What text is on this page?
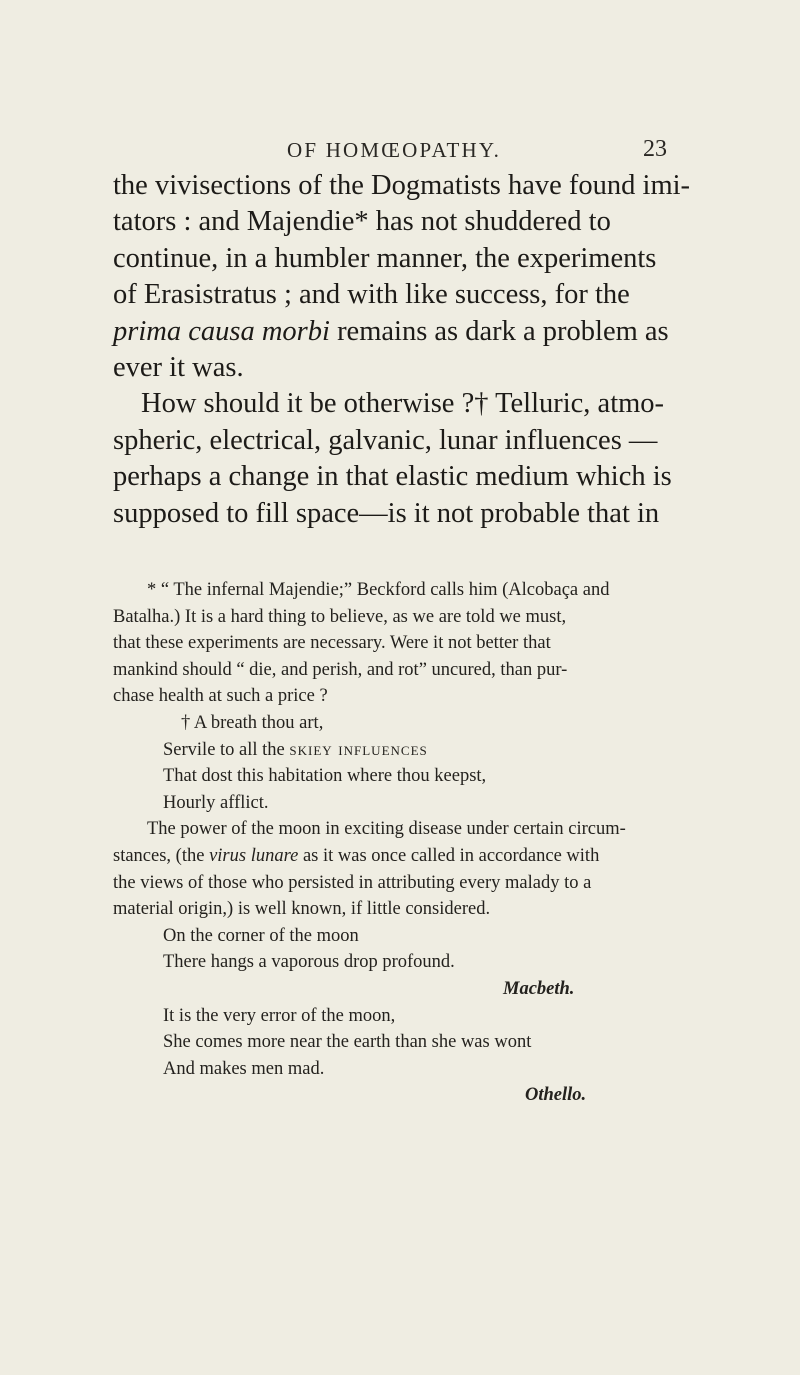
OF HOMŒOPATHY.	23
the vivisections of the Dogmatists have found imi-
tators : and Majendie* has not shuddered to
continue, in a humbler manner, the experiments
of Erasistratus ; and with like success, for the
prima causa morbi remains as dark a problem as
ever it was.
How should it be otherwise ?† Telluric, atmo-
spheric, electrical, galvanic, lunar influences —
perhaps a change in that elastic medium which is
supposed to fill space—is it not probable that in
* “ The infernal Majendie;” Beckford calls him (Alcobaça and
Batalha.) It is a hard thing to believe, as we are told we must,
that these experiments are necessary. Were it not better that
mankind should “ die, and perish, and rot” uncured, than pur-
chase health at such a price ?
† A breath thou art,
Servile to all the skiey influences
That dost this habitation where thou keepst,
Hourly afflict.
The power of the moon in exciting disease under certain circum-
stances, (the virus lunare as it was once called in accordance with
the views of those who persisted in attributing every malady to a
material origin,) is well known, if little considered.
On the corner of the moon
There hangs a vaporous drop profound.
Macbeth.
It is the very error of the moon,
She comes more near the earth than she was wont
And makes men mad.
Othello.
